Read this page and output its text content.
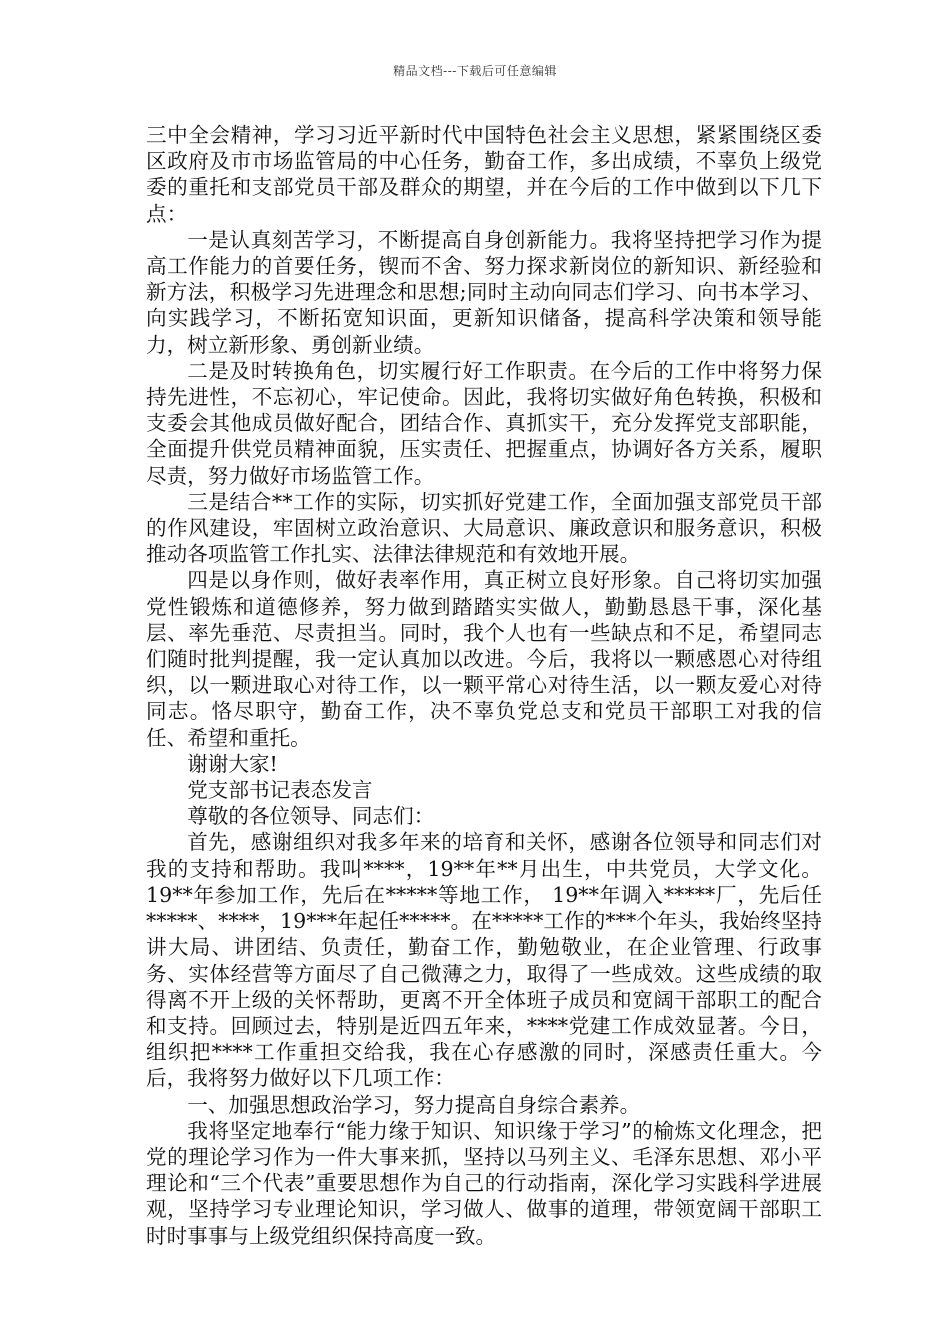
精品文档---下载后可任意编辑

三中全会精神，学习习近平新时代中国特色社会主义思想，紧紧围绕区委区政府及市市场监管局的中心任务，勤奋工作，多出成绩，不辜负上级党委的重托和支部党员干部及群众的期望，并在今后的工作中做到以下几下点：

一是认真刻苦学习，不断提高自身创新能力。我将坚持把学习作为提高工作能力的首要任务，锲而不舍、努力探求新岗位的新知识、新经验和新方法，积极学习先进理念和思想;同时主动向同志们学习、向书本学习、向实践学习，不断拓宽知识面，更新知识储备，提高科学决策和领导能力，树立新形象、勇创新业绩。

二是及时转换角色，切实履行好工作职责。在今后的工作中将努力保持先进性，不忘初心，牢记使命。因此，我将切实做好角色转换，积极和支委会其他成员做好配合，团结合作、真抓实干，充分发挥党支部职能，全面提升供党员精神面貌，压实责任、把握重点，协调好各方关系，履职尽责，努力做好市场监管工作。

三是结合**工作的实际，切实抓好党建工作，全面加强支部党员干部的作风建设，牢固树立政治意识、大局意识、廉政意识和服务意识，积极推动各项监管工作扎实、法律法律规范和有效地开展。

四是以身作则，做好表率作用，真正树立良好形象。自己将切实加强党性锻炼和道德修养，努力做到踏踏实实做人，勤勤恳恳干事，深化基层、率先垂范、尽责担当。同时，我个人也有一些缺点和不足，希望同志们随时批判提醒，我一定认真加以改进。今后，我将以一颗感恩心对待组织，以一颗进取心对待工作，以一颗平常心对待生活，以一颗友爱心对待同志。恪尽职守，勤奋工作，决不辜负党总支和党员干部职工对我的信任、希望和重托。

谢谢大家!

党支部书记表态发言

尊敬的各位领导、同志们：

首先，感谢组织对我多年来的培育和关怀，感谢各位领导和同志们对我的支持和帮助。我叫****，19**年**月出生，中共党员，大学文化。19**年参加工作，先后在*****等地工作， 19**年调入*****厂，先后任*****、****，19***年起任*****。在*****工作的***个年头，我始终坚持讲大局、讲团结、负责任，勤奋工作，勤勉敬业，在企业管理、行政事务、实体经营等方面尽了自己微薄之力，取得了一些成效。这些成绩的取得离不开上级的关怀帮助，更离不开全体班子成员和宽阔干部职工的配合和支持。回顾过去，特别是近四五年来，****党建工作成效显著。今日，组织把****工作重担交给我，我在心存感激的同时，深感责任重大。今后，我将努力做好以下几项工作：

一、加强思想政治学习，努力提高自身综合素养。

我将坚定地奉行“能力缘于知识、知识缘于学习”的榆炼文化理念，把党的理论学习作为一件大事来抓，坚持以马列主义、毛泽东思想、邓小平理论和“三个代表”重要思想作为自己的行动指南，深化学习实践科学进展观，坚持学习专业理论知识，学习做人、做事的道理，带领宽阔干部职工时时事事与上级党组织保持高度一致。
